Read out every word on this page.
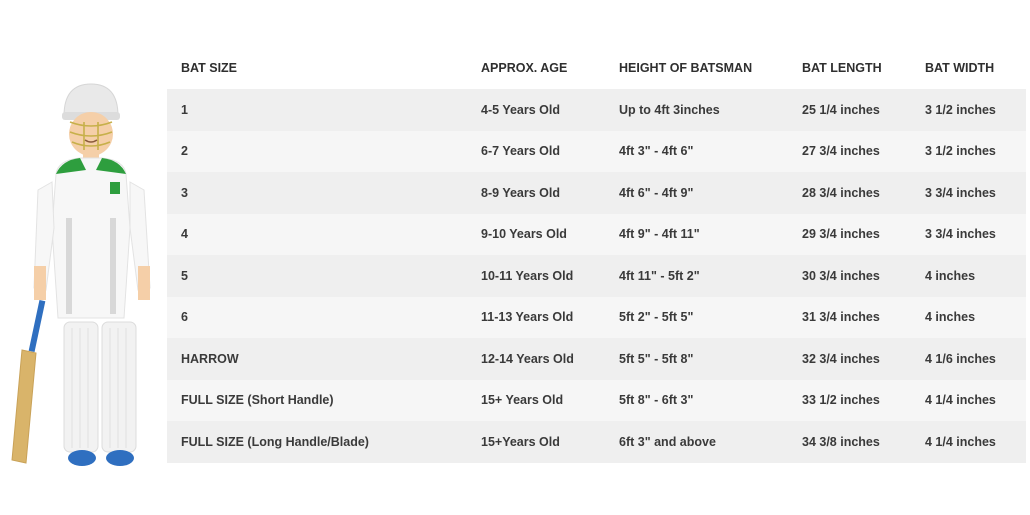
BAT SIZE	APPROX. AGE	HEIGHT OF BATSMAN	BAT LENGTH	BAT WIDTH
1	4-5 Years Old	Up to 4ft 3inches	25 1/4 inches	3 1/2 inches
2	6-7 Years Old	4ft 3" - 4ft 6"	27 3/4 inches	3 1/2 inches
3	8-9 Years Old	4ft 6" - 4ft 9"	28 3/4 inches	3 3/4 inches
4	9-10 Years Old	4ft 9" - 4ft 11"	29 3/4 inches	3 3/4 inches
5	10-11 Years Old	4ft 11" - 5ft 2"	30 3/4 inches	4 inches
6	11-13 Years Old	5ft 2" - 5ft 5"	31 3/4 inches	4 inches
HARROW	12-14 Years Old	5ft 5" - 5ft 8"	32 3/4 inches	4 1/6 inches
FULL SIZE (Short Handle)	15+ Years Old	5ft 8" - 6ft 3"	33 1/2 inches	4 1/4 inches
FULL SIZE (Long Handle/Blade)	15+Years Old	6ft 3" and above	34 3/8 inches	4 1/4 inches
